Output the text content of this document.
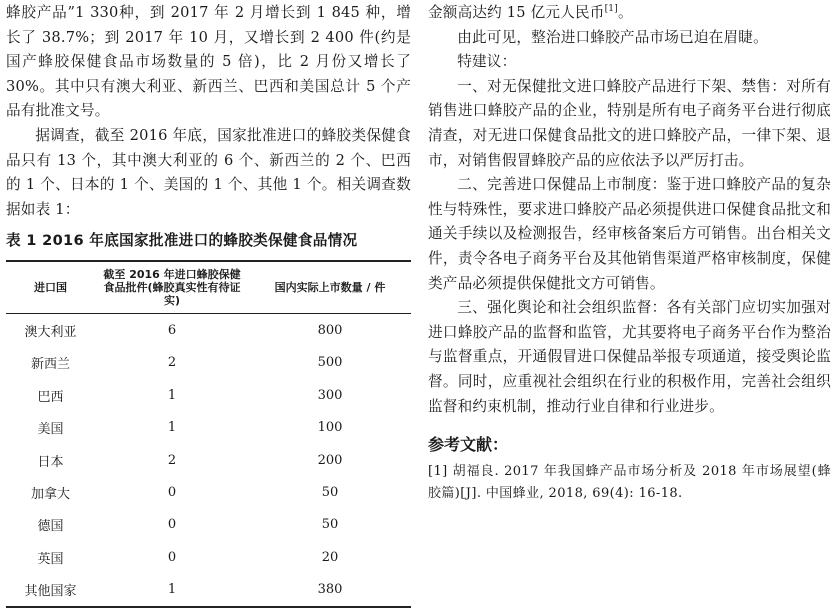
蜂胶产品”1 330种，到 2017 年 2 月增长到 1 845 种，增长了 38.7%；到 2017 年 10 月，又增长到 2 400 件(约是国产蜂胶保健食品市场数量的 5 倍)，比 2 月份又增长了 30%。其中只有澳大利亚、新西兰、巴西和美国总计 5 个产品有批准文号。

据调查，截至 2016 年底，国家批准进口的蜂胶类保健食品只有 13 个，其中澳大利亚的 6 个、新西兰的 2 个、巴西的 1 个、日本的 1 个、美国的 1 个、其他 1 个。相关调查数据如表 1：

表 1 2016 年底国家批准进口的蜂胶类保健食品情况
进口国	截至 2016 年进口蜂胶保健食品批件(蜂胶真实性有待证实)	国内实际上市数量 / 件
澳大利亚	6	800
新西兰	2	500
巴西	1	300
美国	1	100
日本	2	200
加拿大	0	50
德国	0	50
英国	0	20
其他国家	1	380

金额高达约 15 亿元人民币[1]。

由此可见，整治进口蜂胶产品市场已迫在眉睫。

特建议：

一、对无保健批文进口蜂胶产品进行下架、禁售：对所有销售进口蜂胶产品的企业，特别是所有电子商务平台进行彻底清查，对无进口保健食品批文的进口蜂胶产品，一律下架、退市，对销售假冒蜂胶产品的应依法予以严厉打击。

二、完善进口保健品上市制度：鉴于进口蜂胶产品的复杂性与特殊性，要求进口蜂胶产品必须提供进口保健食品批文和通关手续以及检测报告，经审核备案后方可销售。出台相关文件，责令各电子商务平台及其他销售渠道严格审核制度，保健类产品必须提供保健批文方可销售。

三、强化舆论和社会组织监督：各有关部门应切实加强对进口蜂胶产品的监督和监管，尤其要将电子商务平台作为整治与监督重点，开通假冒进口保健品举报专项通道，接受舆论监督。同时，应重视社会组织在行业的积极作用，完善社会组织监督和约束机制，推动行业自律和行业进步。

参考文献：

[1] 胡福良. 2017 年我国蜂产品市场分析及 2018 年市场展望(蜂胶篇)[J]. 中国蜂业, 2018, 69(4): 16-18.
